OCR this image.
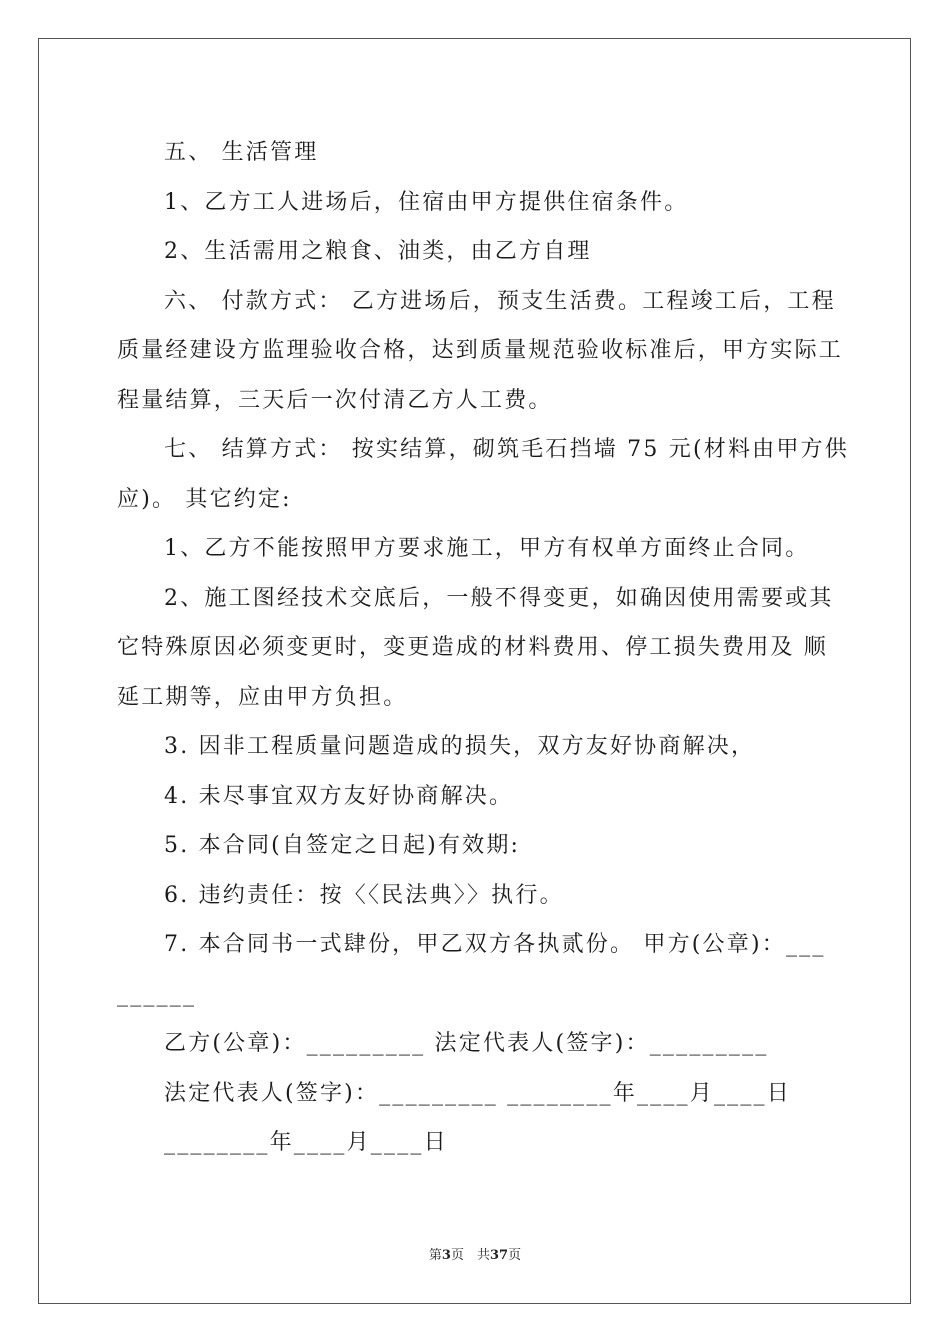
五、 生活管理

1、乙方工人进场后，住宿由甲方提供住宿条件。

2、生活需用之粮食、油类，由乙方自理

六、 付款方式： 乙方进场后，预支生活费。工程竣工后，工程

质量经建设方监理验收合格，达到质量规范验收标准后，甲方实际工

程量结算，三天后一次付清乙方人工费。

七、 结算方式： 按实结算，砌筑毛石挡墙 75 元(材料由甲方供

应)。 其它约定:

1、乙方不能按照甲方要求施工，甲方有权单方面终止合同。

2、施工图经技术交底后，一般不得变更，如确因使用需要或其

它特殊原因必须变更时，变更造成的材料费用、停工损失费用及 顺

延工期等，应由甲方负担。

3. 因非工程质量问题造成的损失，双方友好协商解决，

4. 未尽事宜双方友好协商解决。

5. 本合同(自签定之日起)有效期:

6. 违约责任：按〈〈民法典〉〉执行。

7. 本合同书一式肆份，甲乙双方各执贰份。 甲方(公章)：___

______

乙方(公章)：_________ 法定代表人(签字)：_________

法定代表人(签字)：_________ ________年____月____日

________年____月____日

第3页　共37页
